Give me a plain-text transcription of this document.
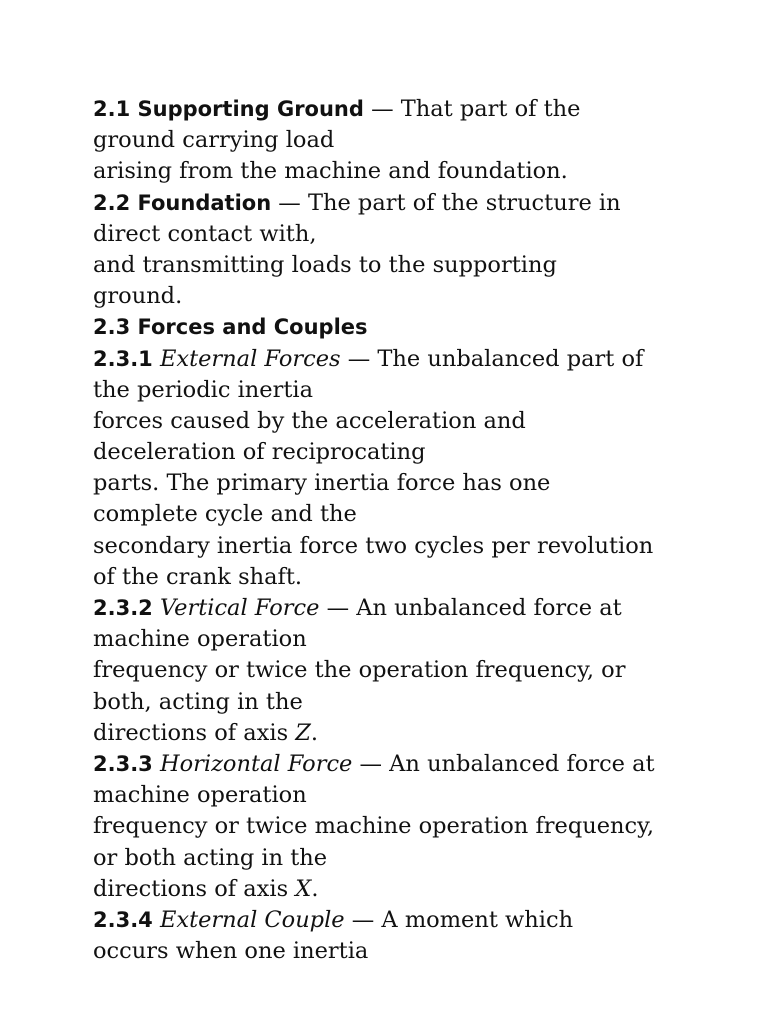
2.1 Supporting Ground — That part of the
ground carrying load
arising from the machine and foundation.
2.2 Foundation — The part of the structure in
direct contact with,
and transmitting loads to the supporting
ground.
2.3 Forces and Couples
2.3.1 External Forces — The unbalanced part of
the periodic inertia
forces caused by the acceleration and
deceleration of reciprocating
parts. The primary inertia force has one
complete cycle and the
secondary inertia force two cycles per revolution
of the crank shaft.
2.3.2 Vertical Force — An unbalanced force at
machine operation
frequency or twice the operation frequency, or
both, acting in the
directions of axis Z.
2.3.3 Horizontal Force — An unbalanced force at
machine operation
frequency or twice machine operation frequency,
or both acting in the
directions of axis X.
2.3.4 External Couple — A moment which
occurs when one inertia
